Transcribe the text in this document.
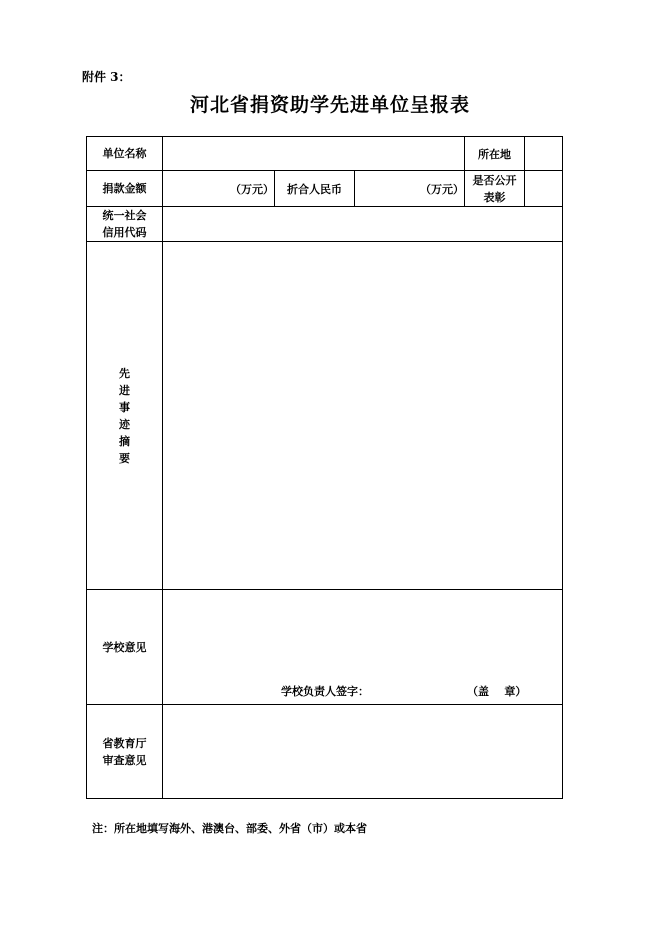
附件 3：
河北省捐资助学先进单位呈报表
单位名称				所在地	
捐款金额	（万元）	折合人民币	（万元）	是否公开表彰	

统一社会信用代码					

先进事迹摘要					

学校意见	学校负责人签字： （盖    章）				

省教育厅审查意见					

注：所在地填写海外、港澳台、部委、外省（市）或本省
